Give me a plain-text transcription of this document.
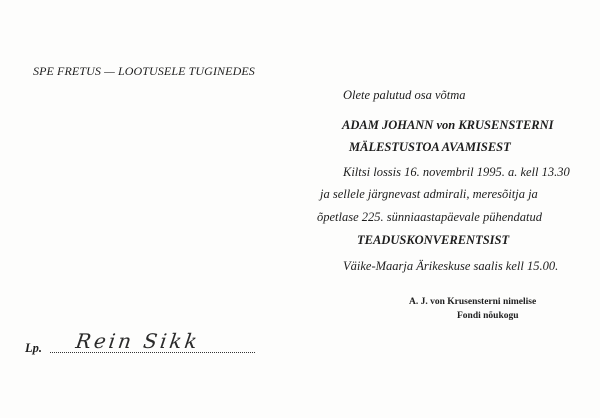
SPE FRETUS — LOOTUSELE TUGINEDES
Olete palutud osa võtma
ADAM JOHANN von KRUSENSTERNI
MÄLESTUSTOA AVAMISEST
Kiltsi lossis 16. novembril 1995. a. kell 13.30
ja sellele järgnevast admirali, meresõitja ja
õpetlase 225. sünniaastapäevale pühendatud
TEADUSKONVERENTSIST
Väike-Maarja Ärikeskuse saalis kell 15.00.
A. J. von Krusensterni nimelise
Fondi nõukogu
Lp. Rein Sikk
